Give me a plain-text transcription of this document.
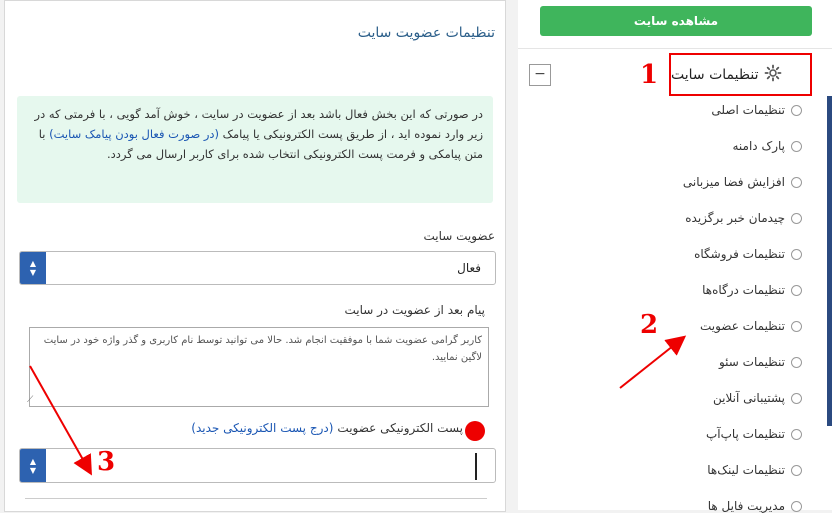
تنظیمات عضویت سایت
در صورتی که این بخش فعال باشد بعد از عضویت در سایت ، خوش آمد گویی ، با فرمتی که در زیر وارد نموده اید ، از طریق پست الکترونیکی یا پیامک (در صورت فعال بودن پیامک سایت) با متن پیامکی و فرمت پست الکترونیکی انتخاب شده برای کاربر ارسال می گردد.
عضویت سایت
▲
▼	فعال
پیام بعد از عضویت در سایت
کاربر گرامی عضویت شما با موفقیت انجام شد. حالا می توانید توسط نام کاربری و گذر واژه خود در سایت لاگین نمایید.
⟋
پست الکترونیکی عضویت
(درج پست الکترونیکی جدید)
▲
▼ 3
مشاهده سایت
−	تنظیمات سایت
1
تنظیمات اصلی
پارک دامنه
افزایش فضا میزبانی
چیدمان خبر برگزیده
تنظیمات فروشگاه
تنظیمات درگاه‌ها
تنظیمات عضویت
تنظیمات سئو
پشتیبانی آنلاین
تنظیمات پاپ‌آپ
تنظیمات لینک‌ها
مدیریت فایل ها
2
